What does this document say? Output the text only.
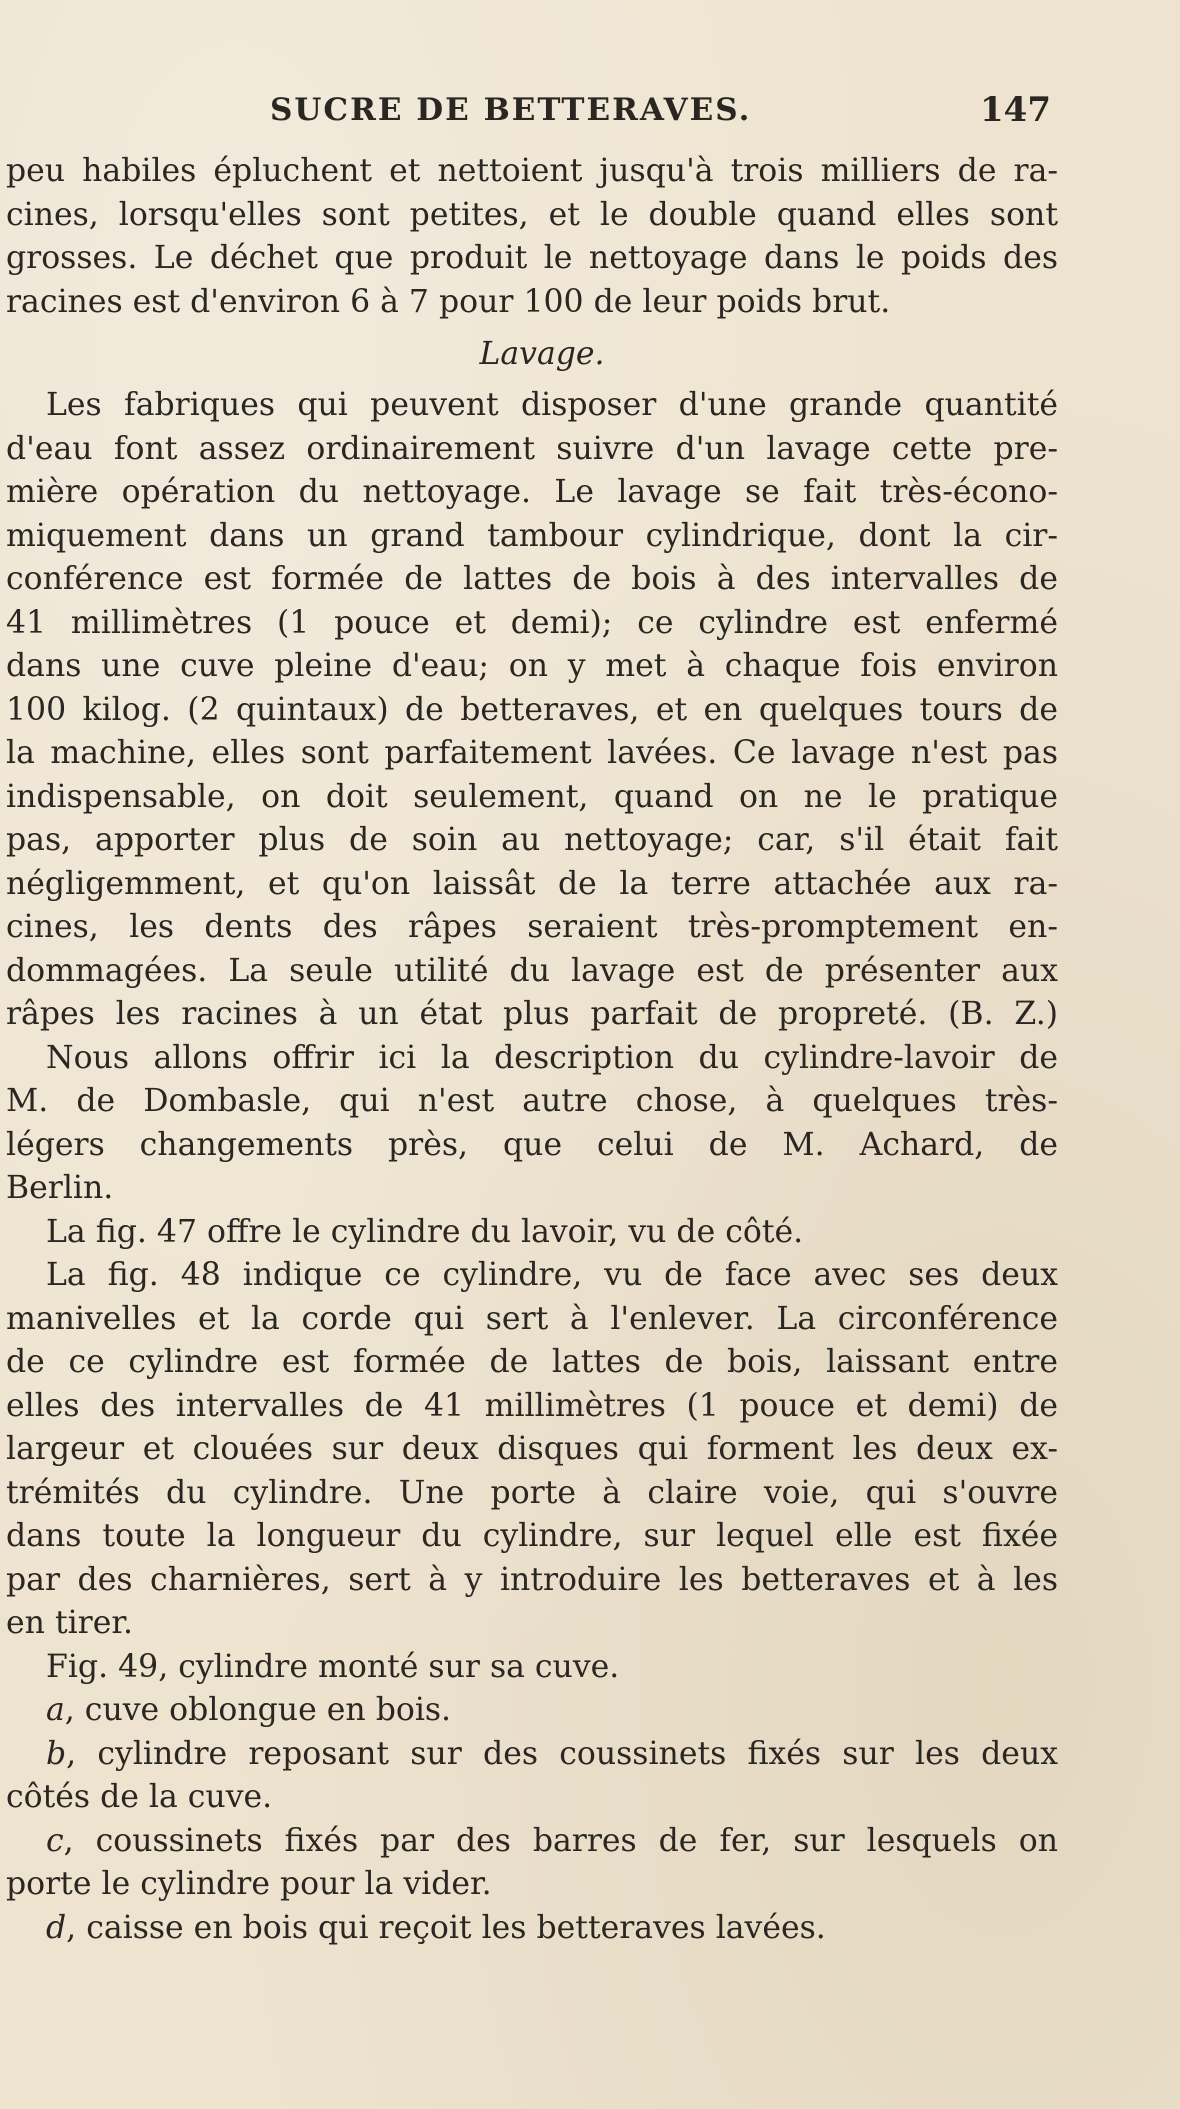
SUCRE DE BETTERAVES.	147
peu habiles épluchent et nettoient jusqu'à trois milliers de ra-
cines, lorsqu'elles sont petites, et le double quand elles sont
grosses. Le déchet que produit le nettoyage dans le poids des
racines est d'environ 6 à 7 pour 100 de leur poids brut.
Lavage.
Les fabriques qui peuvent disposer d'une grande quantité
d'eau font assez ordinairement suivre d'un lavage cette pre-
mière opération du nettoyage. Le lavage se fait très-écono-
miquement dans un grand tambour cylindrique, dont la cir-
conférence est formée de lattes de bois à des intervalles de
41 millimètres (1 pouce et demi); ce cylindre est enfermé
dans une cuve pleine d'eau; on y met à chaque fois environ
100 kilog. (2 quintaux) de betteraves, et en quelques tours de
la machine, elles sont parfaitement lavées. Ce lavage n'est pas
indispensable, on doit seulement, quand on ne le pratique
pas, apporter plus de soin au nettoyage; car, s'il était fait
négligemment, et qu'on laissât de la terre attachée aux ra-
cines, les dents des râpes seraient très-promptement en-
dommagées. La seule utilité du lavage est de présenter aux
râpes les racines à un état plus parfait de propreté. (B. Z.)
Nous allons offrir ici la description du cylindre-lavoir de
M. de Dombasle, qui n'est autre chose, à quelques très-
légers changements près, que celui de M. Achard, de
Berlin.
La fig. 47 offre le cylindre du lavoir, vu de côté.
La fig. 48 indique ce cylindre, vu de face avec ses deux
manivelles et la corde qui sert à l'enlever. La circonférence
de ce cylindre est formée de lattes de bois, laissant entre
elles des intervalles de 41 millimètres (1 pouce et demi) de
largeur et clouées sur deux disques qui forment les deux ex-
trémités du cylindre. Une porte à claire voie, qui s'ouvre
dans toute la longueur du cylindre, sur lequel elle est fixée
par des charnières, sert à y introduire les betteraves et à les
en tirer.
Fig. 49, cylindre monté sur sa cuve.
a, cuve oblongue en bois.
b, cylindre reposant sur des coussinets fixés sur les deux
côtés de la cuve.
c, coussinets fixés par des barres de fer, sur lesquels on
porte le cylindre pour la vider.
d, caisse en bois qui reçoit les betteraves lavées.
